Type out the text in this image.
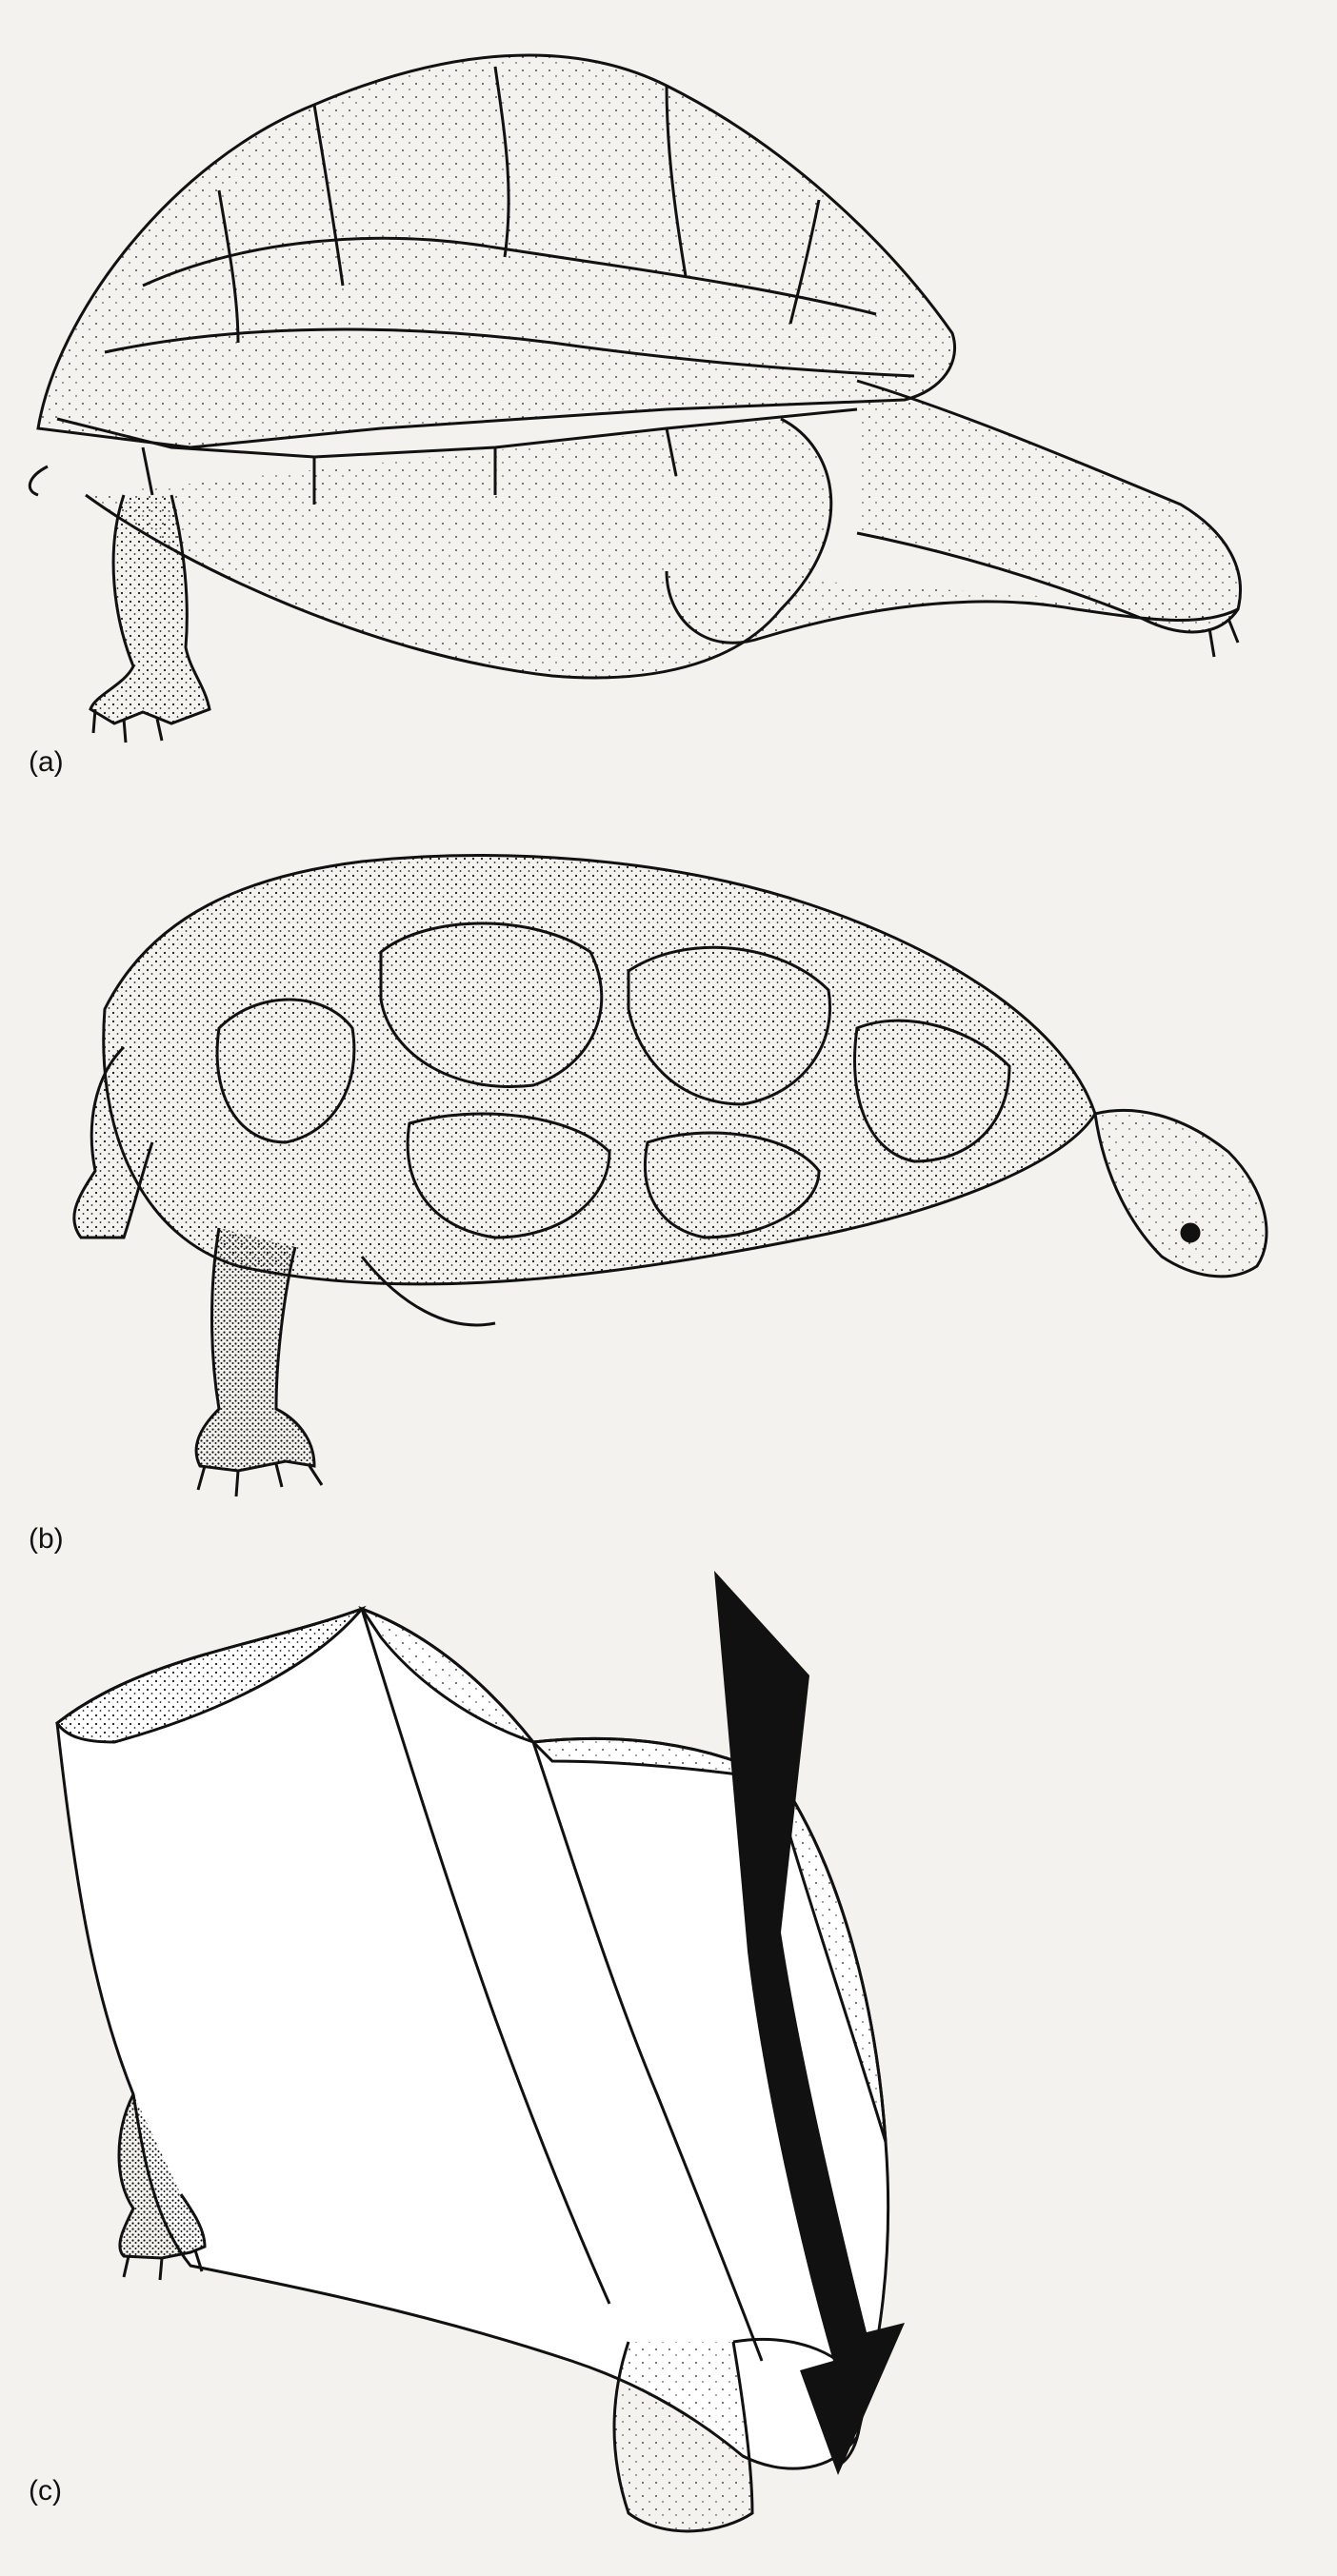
(a)
(b)
(c)
